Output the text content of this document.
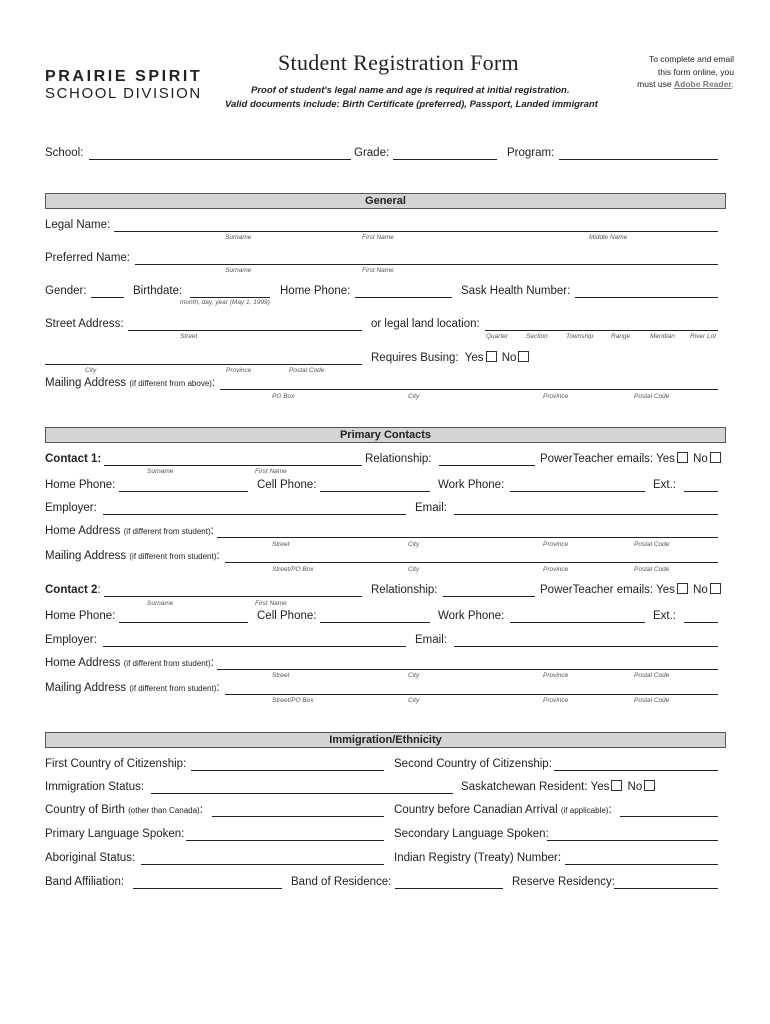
PRAIRIE SPIRIT
SCHOOL DIVISION
Student Registration Form
Proof of student's legal name and age is required at initial registration.
Valid documents include: Birth Certificate (preferred), Passport, Landed immigrant
To complete and email
this form online, you
must use Adobe Reader.
School:	Grade:	Program:
General
Legal Name:
Surname	First Name	Middle Name
Preferred Name:
Surname	First Name
Gender:	Birthdate:
month, day, year (May 1, 1999)
Home Phone:	Sask Health Number:
Street Address:
Street
or legal land location:
Quarter	Section	Township	Range	Meridian River Lot
City	Province	Postal Code
Requires Busing: Yes No
Mailing Address (if different from above):
PO Box	City	Province	Postal Code
Primary Contacts
Contact 1:
Surname	First Name
Relationship:	PowerTeacher emails: Yes No
Home Phone:	Cell Phone:	Work Phone:	Ext.:
Employer:	Email:
Home Address (if different from student):
Street	City	Province	Postal Code
Mailing Address (if different from student):
Street/PO Box	City	Province	Postal Code
Contact 2:
Surname	First Name
Relationship:	PowerTeacher emails: Yes No
Home Phone:	Cell Phone:	Work Phone:	Ext.:
Employer:	Email:
Home Address (if different from student):
Street	City	Province	Postal Code
Mailing Address (if different from student):
Street/PO Box	City	Province	Postal Code
Immigration/Ethnicity
First Country of Citizenship:	Second Country of Citizenship:
Immigration Status:	Saskatchewan Resident: Yes No
Country of Birth (other than Canada):	Country before Canadian Arrival (if applicable):
Primary Language Spoken:	Secondary Language Spoken:
Aboriginal Status:	Indian Registry (Treaty) Number:
Band Affiliation:	Band of Residence:	Reserve Residency:
